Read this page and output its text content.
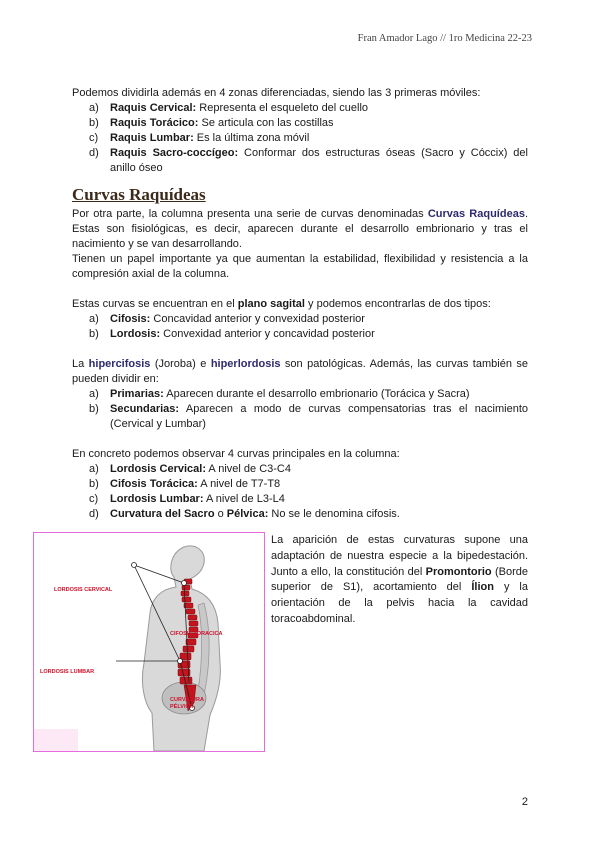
Fran Amador Lago // 1ro Medicina 22-23

Podemos dividirla además en 4 zonas diferenciadas, siendo las 3 primeras móviles:

a) Raquis Cervical: Representa el esqueleto del cuello
b) Raquis Torácico: Se articula con las costillas
c) Raquis Lumbar: Es la última zona móvil
d) Raquis Sacro-coccígeo: Conformar dos estructuras óseas (Sacro y Cóccix) del anillo óseo
Curvas Raquídeas

Por otra parte, la columna presenta una serie de curvas denominadas Curvas Raquídeas. Estas son fisiológicas, es decir, aparecen durante el desarrollo embrionario y tras el nacimiento y se van desarrollando.

Tienen un papel importante ya que aumentan la estabilidad, flexibilidad y resistencia a la compresión axial de la columna.

Estas curvas se encuentran en el plano sagital y podemos encontrarlas de dos tipos:

a) Cifosis: Concavidad anterior y convexidad posterior
b) Lordosis: Convexidad anterior y concavidad posterior

La hipercifosis (Joroba) e hiperlordosis son patológicas. Además, las curvas también se pueden dividir en:

a) Primarias: Aparecen durante el desarrollo embrionario (Torácica y Sacra)
b) Secundarias: Aparecen a modo de curvas compensatorias tras el nacimiento (Cervical y Lumbar)

En concreto podemos observar 4 curvas principales en la columna:

a) Lordosis Cervical: A nivel de C3-C4
b) Cifosis Torácica: A nivel de T7-T8
c) Lordosis Lumbar: A nivel de L3-L4
d) Curvatura del Sacro o Pélvica: No se le denomina cifosis.
LORDOSIS CERVICAL
CIFOSIS TORACICA
LORDOSIS LUMBAR
CURVATURA
PÉLVICA
La aparición de estas curvaturas supone una adaptación de nuestra especie a la bipedestación. Junto a ello, la constitución del Promontorio (Borde superior de S1), acortamiento del Ílion y la orientación de la pelvis hacia la cavidad toracoabdominal.
2
